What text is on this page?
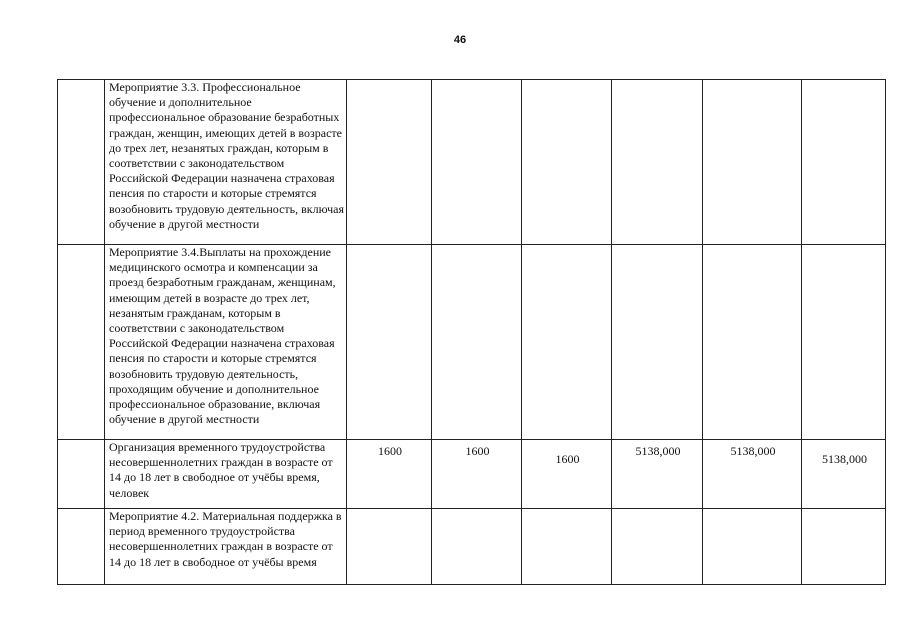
46

	Мероприятие 3.3. Профессиональное обучение и дополнительное профессиональное образование безработных граждан, женщин, имеющих детей в возрасте до трех лет, незанятых граждан, которым в соответствии с законодательством Российской Федерации назначена страховая пенсия по старости и которые стремятся возобновить трудовую деятельность, включая обучение в другой местности						

	Мероприятие 3.4.Выплаты на прохождение медицинского осмотра и компенсации за проезд безработным гражданам, женщинам, имеющим детей в возрасте до трех лет, незанятым гражданам, которым в соответствии с законодательством Российской Федерации назначена страховая пенсия по старости и которые стремятся возобновить трудовую деятельность, проходящим обучение и дополнительное профессиональное образование, включая обучение в другой местности						

	Организация временного трудоустройства несовершеннолетних граждан в возрасте от 14 до 18 лет в свободное от учёбы время, человек	1600	1600	1600	5138,000	5138,000	5138,000

	Мероприятие 4.2. Материальная поддержка в период временного трудоустройства несовершеннолетних граждан в возрасте от 14 до 18 лет в свободное от учёбы время						
